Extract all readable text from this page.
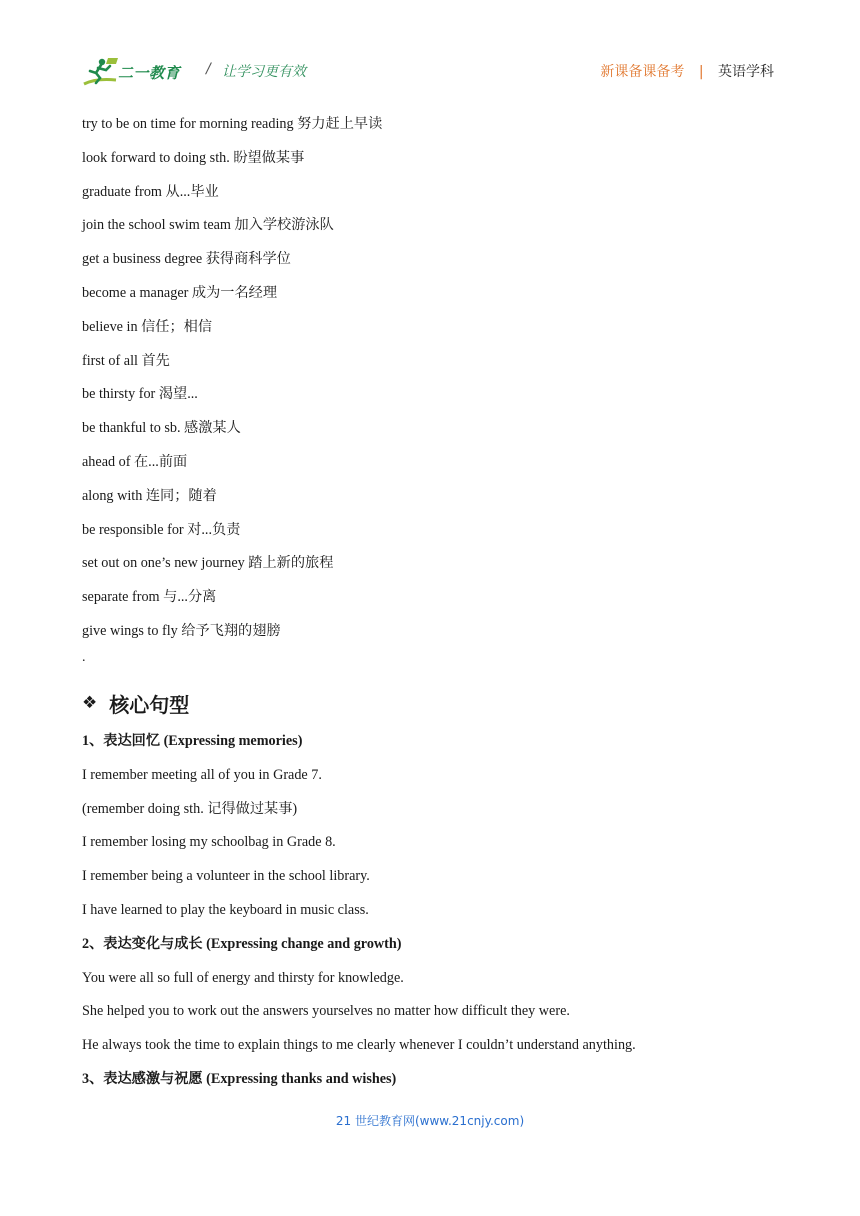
二一教育 / 让学习更有效	新课备课备考 | 英语学科
try to be on time for morning reading 努力赶上早读
look forward to doing sth. 盼望做某事
graduate from 从...毕业
join the school swim team 加入学校游泳队
get a business degree 获得商科学位
become a manager 成为一名经理
believe in 信任；相信
first of all 首先
be thirsty for 渴望...
be thankful to sb. 感激某人
ahead of 在...前面
along with 连同；随着
be responsible for 对...负责
set out on one’s new journey 踏上新的旅程
separate from 与...分离
give wings to fly 给予飞翔的翅膀
.
❖ 核心句型
1、表达回忆 (Expressing memories)
I remember meeting all of you in Grade 7.
(remember doing sth. 记得做过某事)
I remember losing my schoolbag in Grade 8.
I remember being a volunteer in the school library.
I have learned to play the keyboard in music class.
2、表达变化与成长 (Expressing change and growth)
You were all so full of energy and thirsty for knowledge.
She helped you to work out the answers yourselves no matter how difficult they were.
He always took the time to explain things to me clearly whenever I couldn’t understand anything.
3、表达感激与祝愿 (Expressing thanks and wishes)
21 世纪教育网(www.21cnjy.com)
